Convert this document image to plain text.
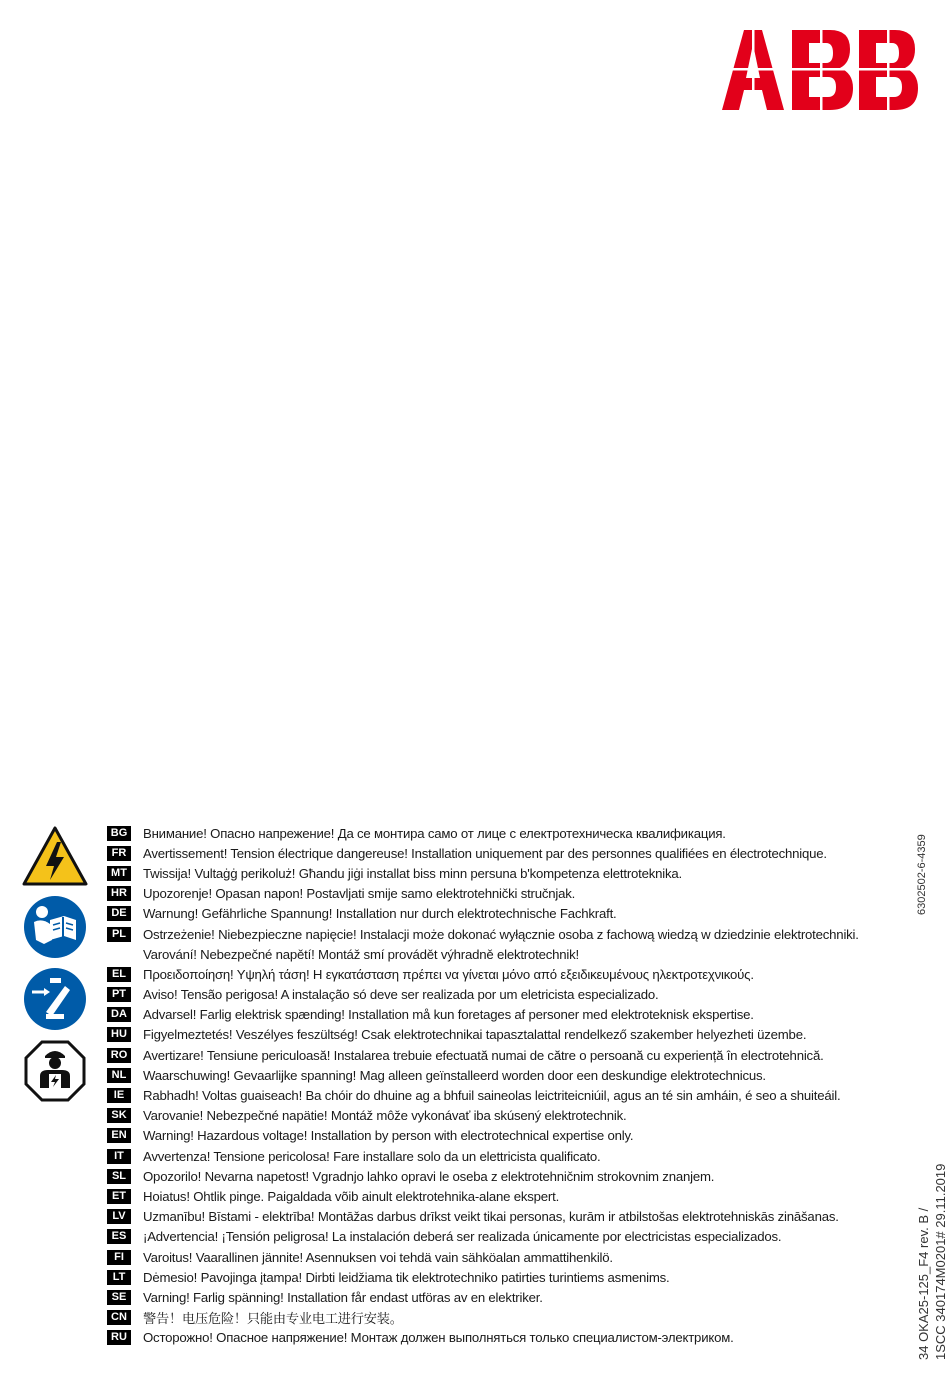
BG Внимание! Опасно напрежение! Да се монтира само от лице с електротехническа квалификация.
FR	Avertissement! Tension électrique dangereuse! Installation uniquement par des personnes qualifiées en électrotechnique.
MT	Twissija! Vultaġġ perikoluż! Għandu jiġi installat biss minn persuna b'kompetenza elettroteknika.
HR	Upozorenje! Opasan napon! Postavljati smije samo elektrotehnički stručnjak.
DE	Warnung! Gefährliche Spannung! Installation nur durch elektrotechnische Fachkraft.
PL	Ostrzeżenie! Niebezpieczne napięcie! Instalacji może dokonać wyłącznie osoba z fachową wiedzą w dziedzinie elektrotechniki.
Varování! Nebezpečné napětí! Montáž smí provádět výhradně elektrotechnik!
EL	Προειδοποίηση! Υψηλή τάση! Η εγκατάσταση πρέπει να γίνεται μόνο από εξειδικευμένους ηλεκτροτεχνικούς.
PT	Aviso! Tensão perigosa! A instalação só deve ser realizada por um eletricista especializado.
DA	Advarsel! Farlig elektrisk spænding! Installation må kun foretages af personer med elektroteknisk ekspertise.
HU	Figyelmeztetés! Veszélyes feszültség! Csak elektrotechnikai tapasztalattal rendelkező szakember helyezheti üzembe.
RO Avertizare! Tensiune periculoasă! Instalarea trebuie efectuată numai de către o persoană cu experiență în electrotehnică.
NL	Waarschuwing! Gevaarlijke spanning! Mag alleen geïnstalleerd worden door een deskundige elektrotechnicus.
IE	Rabhadh! Voltas guaiseach! Ba chóir do dhuine ag a bhfuil saineolas leictriteicniúil, agus an té sin amháin, é seo a shuiteáil.
SK	Varovanie! Nebezpečné napätie! Montáž môže vykonávať iba skúsený elektrotechnik.
EN	Warning! Hazardous voltage! Installation by person with electrotechnical expertise only.
IT	Avvertenza! Tensione pericolosa! Fare installare solo da un elettricista qualificato.
SL	Opozorilo! Nevarna napetost! Vgradnjo lahko opravi le oseba z elektrotehničnim strokovnim znanjem.
ET	Hoiatus! Ohtlik pinge. Paigaldada võib ainult elektrotehnika-alane ekspert.
LV	Uzmanību! Bīstami - elektrība! Montāžas darbus drīkst veikt tikai personas, kurām ir atbilstošas elektrotehniskās zināšanas.
ES	¡Advertencia! ¡Tensión peligrosa! La instalación deberá ser realizada únicamente por electricistas especializados.
FI	Varoitus! Vaarallinen jännite! Asennuksen voi tehdä vain sähköalan ammattihenkilö.
LT	Dėmesio! Pavojinga įtampa! Dirbti leidžiama tik elektrotechniko patirties turintiems asmenims.
SE	Varning! Farlig spänning! Installation får endast utföras av en elektriker.
CN	警告！电压危险！只能由专业电工进行安装。
RU	Осторожно! Опасное напряжение! Монтаж должен выполняться только специалистом-электриком.
6302502-6-4359
34 OKA25-125_F4 rev. B / 1SCC 340174M0201# 29.11.2019
